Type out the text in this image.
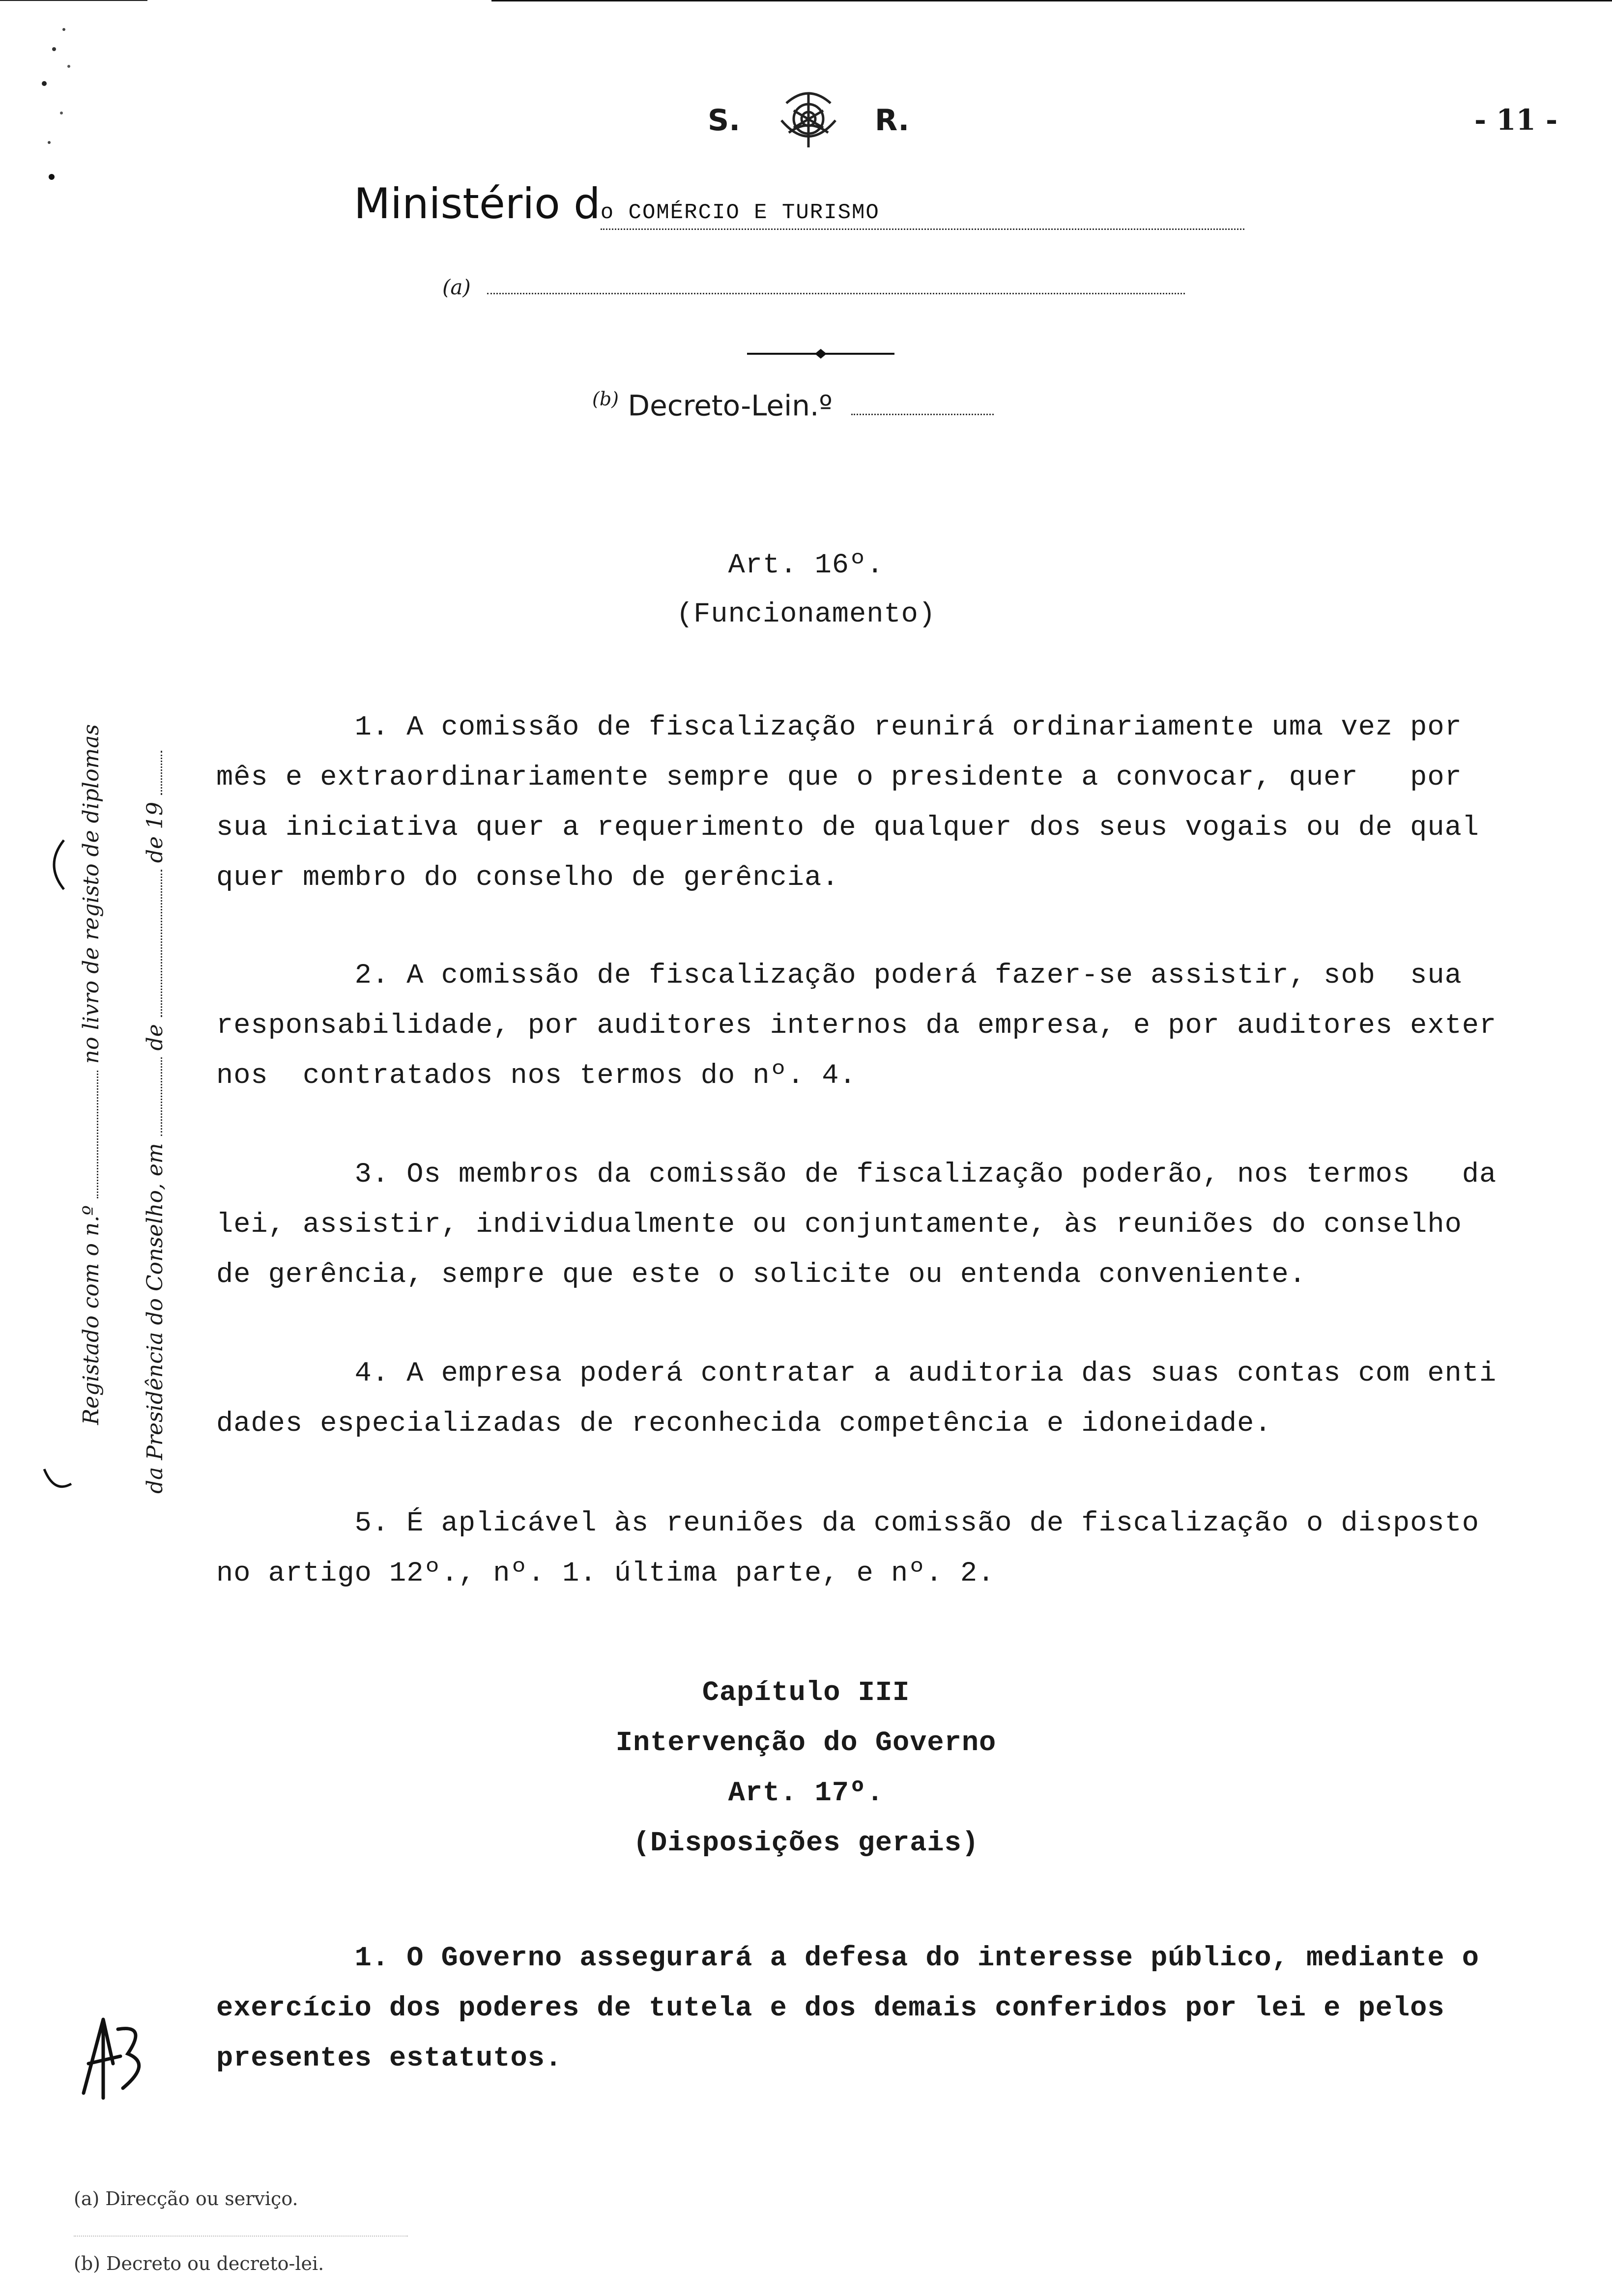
S.	R.	- 11 -
Ministério do COMÉRCIO E TURISMO
(a)
$^{(b)}$ Decreto-Lein.º
Registado com o n.º  no livro de registo de diplomas
da Presidência do Conselho, em  de  de 19
Art. 16º.
(Funcionamento)
1. A comissão de fiscalização reunirá ordinariamente uma vez por
mês e extraordinariamente sempre que o presidente a convocar, quer   por
sua iniciativa quer a requerimento de qualquer dos seus vogais ou de qual
quer membro do conselho de gerência.
2. A comissão de fiscalização poderá fazer-se assistir, sob  sua
responsabilidade, por auditores internos da empresa, e por auditores exter
nos  contratados nos termos do nº. 4.
3. Os membros da comissão de fiscalização poderão, nos termos   da
lei, assistir, individualmente ou conjuntamente, às reuniões do conselho
de gerência, sempre que este o solicite ou entenda conveniente.
4. A empresa poderá contratar a auditoria das suas contas com enti
dades especializadas de reconhecida competência e idoneidade.
5. É aplicável às reuniões da comissão de fiscalização o disposto
no artigo 12º., nº. 1. última parte, e nº. 2.
Capítulo III
Intervenção do Governo
Art. 17º.
(Disposições gerais)
1. O Governo assegurará a defesa do interesse público, mediante o
exercício dos poderes de tutela e dos demais conferidos por lei e pelos
presentes estatutos.

(a) Direcção ou serviço.

(b) Decreto ou decreto-lei.
